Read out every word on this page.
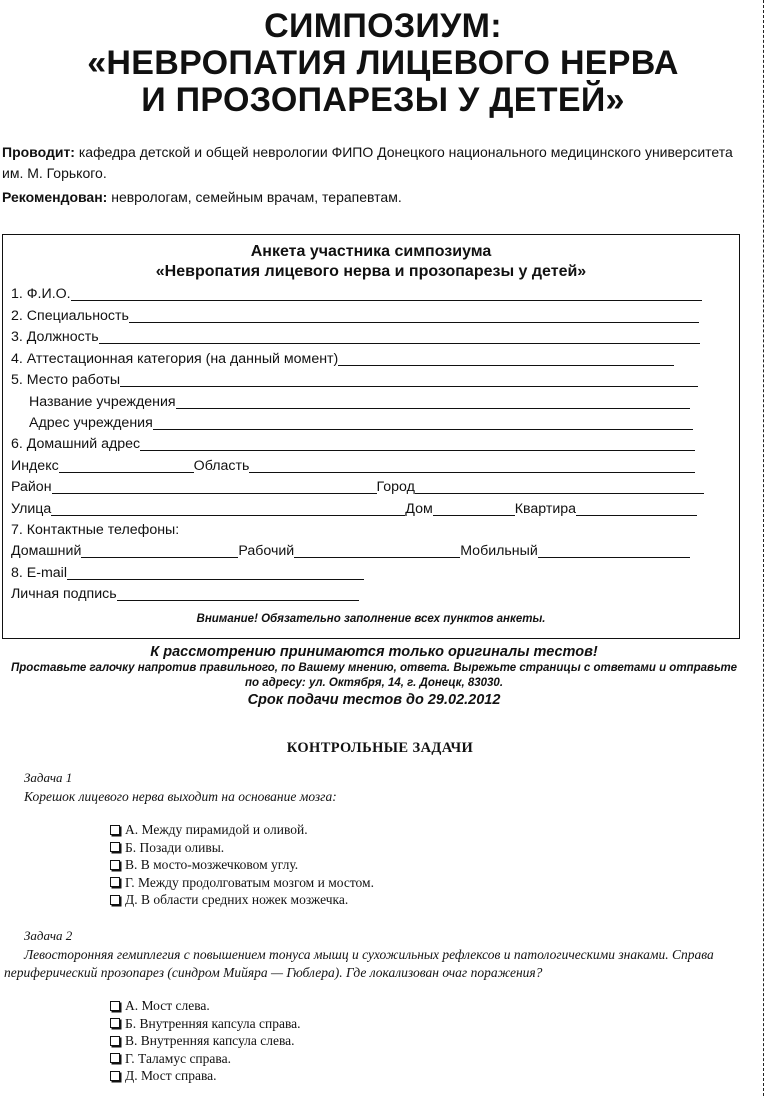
СИМПОЗИУМ:
«НЕВРОПАТИЯ ЛИЦЕВОГО НЕРВА
И ПРОЗОПАРЕЗЫ У ДЕТЕЙ»

Проводит: кафедра детской и общей неврологии ФИПО Донецкого национального медицинского университета

им. М. Горького.

Рекомендован: неврологам, семейным врачам, терапевтам.

Анкета участника симпозиума
«Невропатия лицевого нерва и прозопарезы у детей»
1. Ф.И.О.
2. Специальность
3. Должность
4. Аттестационная категория (на данный момент)
5. Место работы
Название учреждения
Адрес учреждения
6. Домашний адрес
Индекс	Область
Район	Город
Улица	Дом	Квартира
7. Контактные телефоны:
Домашний	Рабочий	Мобильный
8. E-mail
Личная подпись
Внимание! Обязательно заполнение всех пунктов анкеты.
К рассмотрению принимаются только оригиналы тестов!
Проставьте галочку напротив правильного, по Вашему мнению, ответа. Вырежьте страницы с ответами и отправьте
по адресу: ул. Октября, 14, г. Донецк, 83030.
Срок подачи тестов до 29.02.2012
КОНТРОЛЬНЫЕ ЗАДАЧИ
Задача 1
Корешок лицевого нерва выходит на основание мозга:
А. Между пирамидой и оливой.
Б. Позади оливы.
В. В мосто-мозжечковом углу.
Г. Между продолговатым мозгом и мостом.
Д. В области средних ножек мозжечка.
Задача 2
Левосторонняя гемиплегия с повышением тонуса мышц и сухожильных рефлексов и патологическими знаками. Справа периферический прозопарез (синдром Мийяра — Гюблера). Где локализован очаг поражения?
А. Мост слева.
Б. Внутренняя капсула справа.
В. Внутренняя капсула слева.
Г. Таламус справа.
Д. Мост справа.
